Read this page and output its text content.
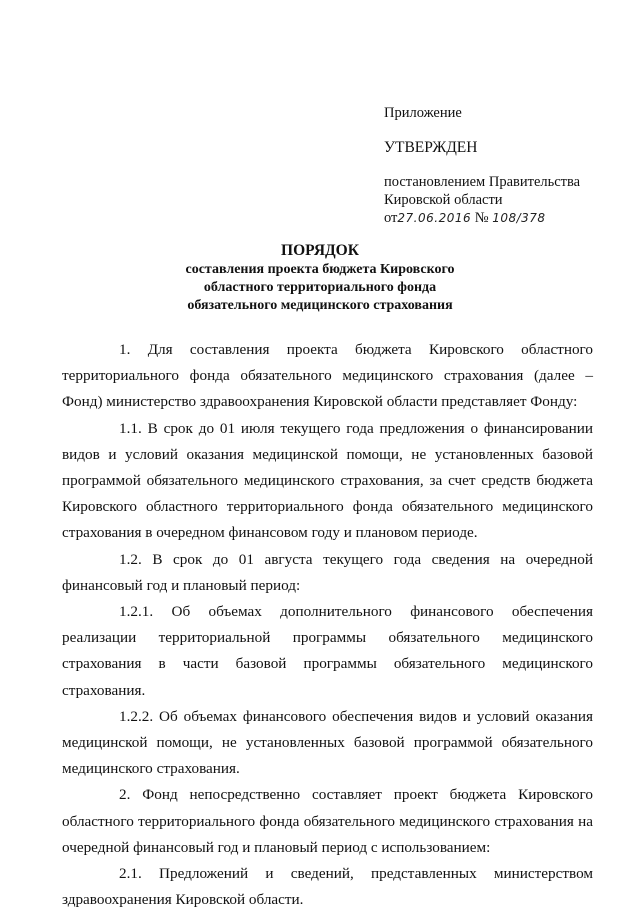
Приложение
УТВЕРЖДЕН
постановлением Правительства
Кировской области
от27.06.2016 № 108/378
ПОРЯДОК
составления проекта бюджета Кировского
областного территориального фонда
обязательного медицинского страхования

1. Для составления проекта бюджета Кировского областного территориального фонда обязательного медицинского страхования (далее – Фонд) министерство здравоохранения Кировской области представляет Фонду:

1.1. В срок до 01 июля текущего года предложения о финансировании видов и условий оказания медицинской помощи, не установленных базовой программой обязательного медицинского страхования, за счет средств бюджета Кировского областного территориального фонда обязательного медицинского страхования в очередном финансовом году и плановом периоде.

1.2. В срок до 01 августа текущего года сведения на очередной финансовый год и плановый период:

1.2.1. Об объемах дополнительного финансового обеспечения реализации территориальной программы обязательного медицинского страхования в части базовой программы обязательного медицинского страхования.

1.2.2. Об объемах финансового обеспечения видов и условий оказания медицинской помощи, не установленных базовой программой обязательного медицинского страхования.

2. Фонд непосредственно составляет проект бюджета Кировского областного территориального фонда обязательного медицинского страхования на очередной финансовый год и плановый период с использованием:

2.1. Предложений и сведений, представленных министерством здравоохранения Кировской области.
